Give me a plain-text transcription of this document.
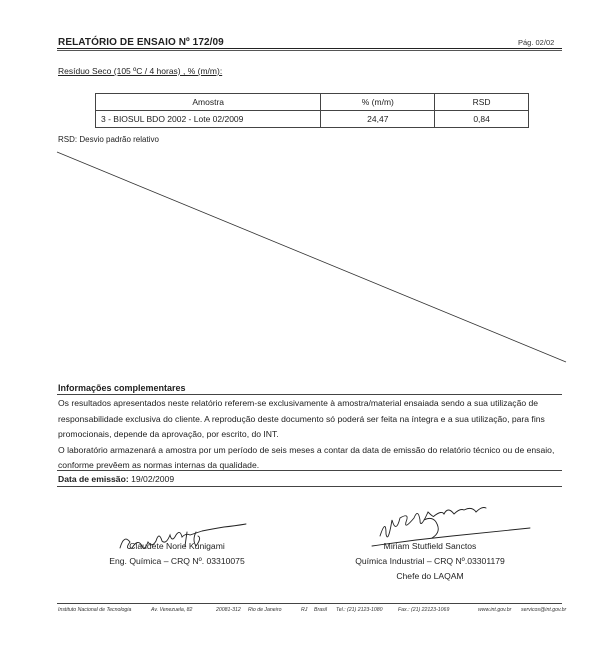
RELATÓRIO DE ENSAIO Nº 172/09	Pág. 02/02
Resíduo Seco (105 ºC / 4 horas) , % (m/m):
Amostra	% (m/m)	RSD
3 - BIOSUL BDO 2002 - Lote 02/2009	24,47	0,84
RSD: Desvio padrão relativo
Informações complementares

Os resultados apresentados neste relatório referem-se exclusivamente à amostra/material ensaiada sendo a sua utilização de responsabilidade exclusiva do cliente. A reprodução deste documento só poderá ser feita na íntegra e a sua utilização, para fins promocionais, depende da aprovação, por escrito, do INT.

O laboratório armazenará a amostra por um período de seis meses a contar da data de emissão do relatório técnico ou de ensaio, conforme prevêem as normas internas da qualidade.

Data de emissão: 19/02/2009
Claudete Norie Kunigami
Eng. Química – CRQ Nº. 03310075
Miriam Stutfield Sanctos
Química Industrial – CRQ Nº.03301179
Chefe do LAQAM
Instituto Nacional de Tecnologia	Av. Venezuela, 82	20081-312 Rio de Janeiro	RJ Brasil Tel.: (21) 2123-1080	Fax.: (21) 22123-1069	www.int.gov.br servicos@int.gov.br
